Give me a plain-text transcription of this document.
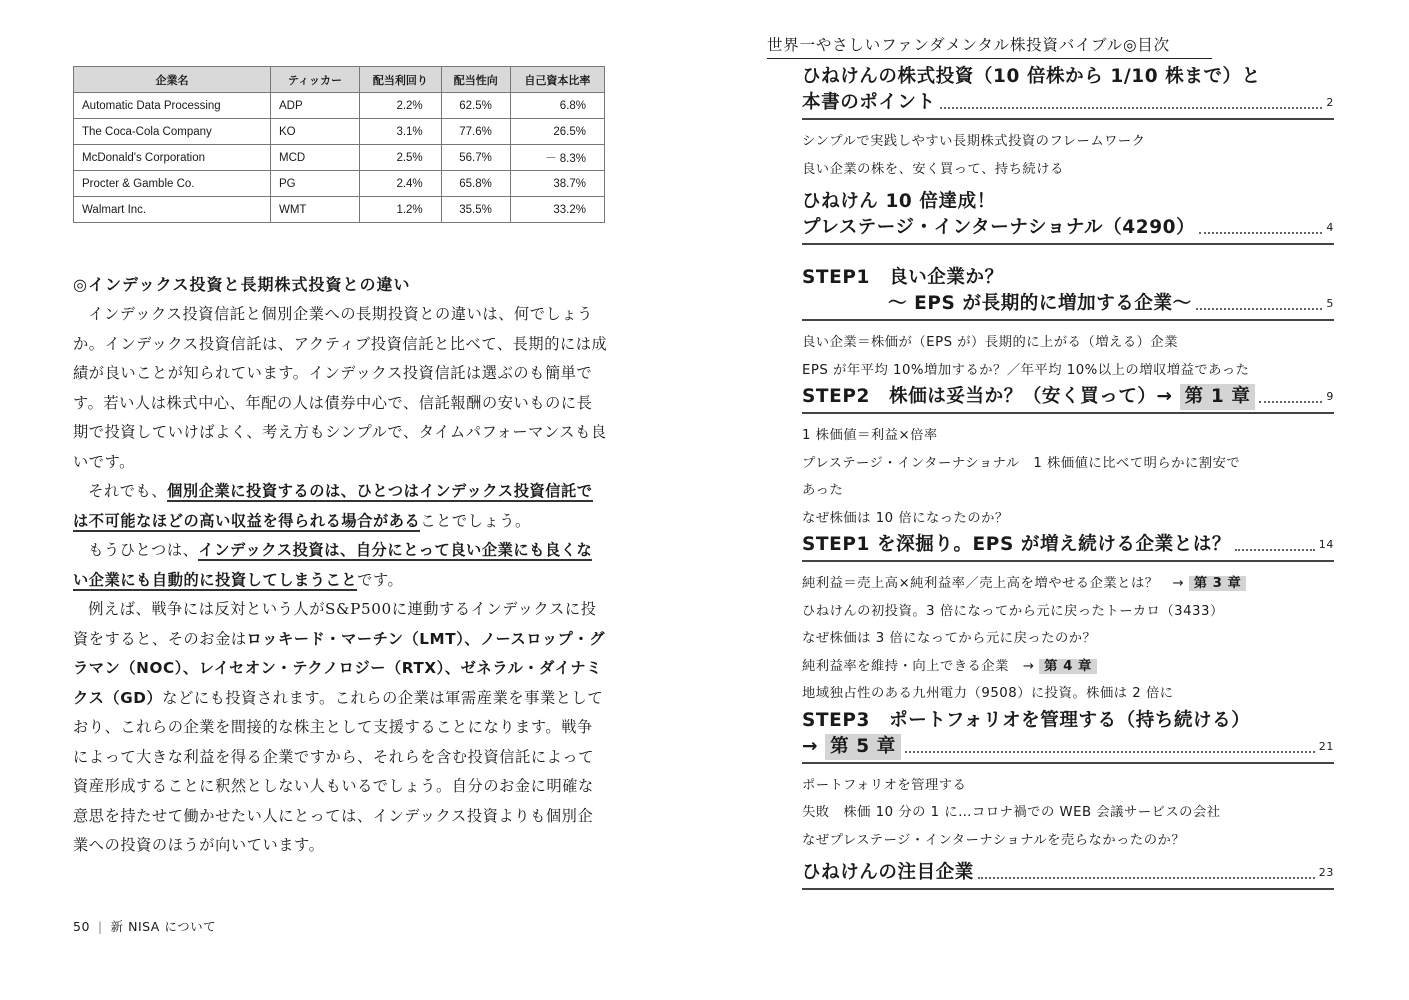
企業名	ティッカー	配当利回り	配当性向	自己資本比率
Automatic Data Processing	ADP	2.2%	62.5%	6.8%
The Coca-Cola Company	KO	3.1%	77.6%	26.5%
McDonald's Corporation	MCD	2.5%	56.7%	－ 8.3%
Procter & Gamble Co.	PG	2.4%	65.8%	38.7%
Walmart Inc.	WMT	1.2%	35.5%	33.2%
◎インデックス投資と長期株式投資との違い

インデックス投資信託と個別企業への長期投資との違いは、何でしょうか。インデックス投資信託は、アクティブ投資信託と比べて、長期的には成績が良いことが知られています。インデックス投資信託は選ぶのも簡単です。若い人は株式中心、年配の人は債券中心で、信託報酬の安いものに長期で投資していけばよく、考え方もシンプルで、タイムパフォーマンスも良いです。

それでも、個別企業に投資するのは、ひとつはインデックス投資信託では不可能なほどの高い収益を得られる場合があることでしょう。

もうひとつは、インデックス投資は、自分にとって良い企業にも良くない企業にも自動的に投資してしまうことです。

例えば、戦争には反対という人がS&P500に連動するインデックスに投資をすると、そのお金はロッキード・マーチン（LMT）、ノースロップ・グラマン（NOC）、レイセオン・テクノロジー（RTX）、ゼネラル・ダイナミクス（GD）などにも投資されます。これらの企業は軍需産業を事業としており、これらの企業を間接的な株主として支援することになります。戦争によって大きな利益を得る企業ですから、それらを含む投資信託によって資産形成することに釈然としない人もいるでしょう。自分のお金に明確な意思を持たせて働かせたい人にとっては、インデックス投資よりも個別企業への投資のほうが向いています。

50 | 新 NISA について
世界一やさしいファンダメンタル株投資バイブル◎目次
ひねけんの株式投資（10 倍株から 1/10 株まで）と
本書のポイント	2
シンプルで実践しやすい長期株式投資のフレームワーク
良い企業の株を、安く買って、持ち続ける
ひねけん 10 倍達成！
プレステージ・インターナショナル（4290）	4
STEP1　良い企業か？
～ EPS が長期的に増加する企業～	5
良い企業＝株価が（EPS が）長期的に上がる（増える）企業
EPS が年平均 10%増加するか？／年平均 10%以上の増収増益であった
STEP2　株価は妥当か？（安く買って）→
第 1 章	9
1 株価値＝利益×倍率
プレステージ・インターナショナル　1 株価値に比べて明らかに割安で
あった
なぜ株価は 10 倍になったのか？
STEP1 を深掘り。EPS が増え続ける企業とは？	14
純利益＝売上高×純利益率／売上高を増やせる企業とは？　→ 第 3 章
ひねけんの初投資。3 倍になってから元に戻ったトーカロ（3433）
なぜ株価は 3 倍になってから元に戻ったのか？
純利益率を維持・向上できる企業　→ 第 4 章
地域独占性のある九州電力（9508）に投資。株価は 2 倍に
STEP3　ポートフォリオを管理する（持ち続ける）
→
第 5 章	21
ポートフォリオを管理する
失敗　株価 10 分の 1 に…コロナ禍での WEB 会議サービスの会社
なぜプレステージ・インターナショナルを売らなかったのか？
ひねけんの注目企業	23
